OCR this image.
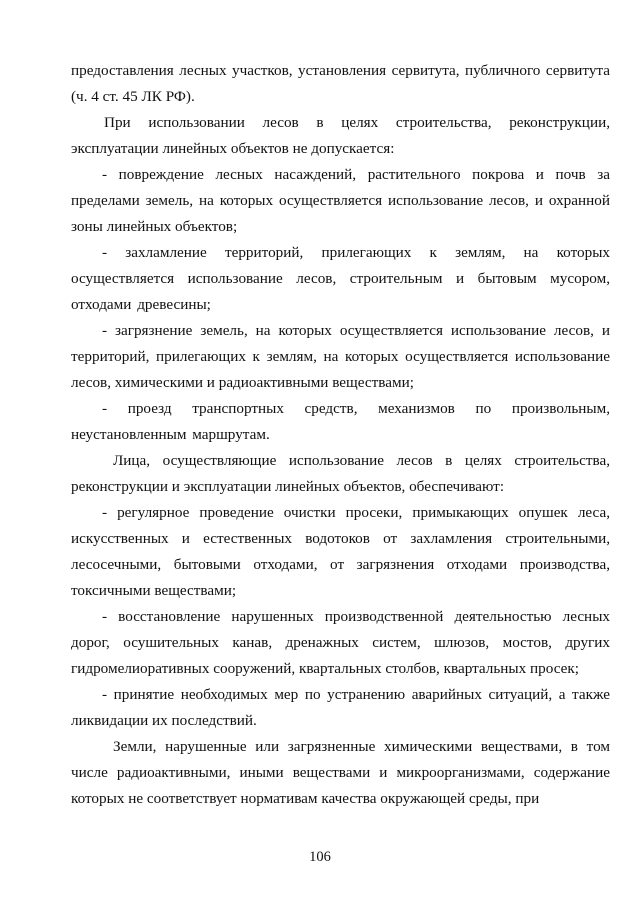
предоставления лесных участков, установления сервитута, публичного сервитута (ч. 4 ст. 45 ЛК РФ).

При использовании лесов в целях строительства, реконструкции, эксплуатации линейных объектов не допускается:

- повреждение лесных насаждений, растительного покрова и почв за пределами земель, на которых осуществляется использование лесов, и охранной зоны линейных объектов;

- захламление территорий, прилегающих к землям, на которых осуществляется использование лесов, строительным и бытовым мусором, отходами древесины;

- загрязнение земель, на которых осуществляется использование лесов, и территорий, прилегающих к землям, на которых осуществляется использование лесов, химическими и радиоактивными веществами;

- проезд транспортных средств, механизмов по произвольным, неустановленным маршрутам.

Лица, осуществляющие использование лесов в целях строительства, реконструкции и эксплуатации линейных объектов, обеспечивают:

- регулярное проведение очистки просеки, примыкающих опушек леса, искусственных и естественных водотоков от захламления строительными, лесосечными, бытовыми отходами, от загрязнения отходами производства, токсичными веществами;

- восстановление нарушенных производственной деятельностью лесных дорог, осушительных канав, дренажных систем, шлюзов, мостов, других гидромелиоративных сооружений, квартальных столбов, квартальных просек;

- принятие необходимых мер по устранению аварийных ситуаций, а также ликвидации их последствий.

Земли, нарушенные или загрязненные химическими веществами, в том числе радиоактивными, иными веществами и микроорганизмами, содержание которых не соответствует нормативам качества окружающей среды, при

106
